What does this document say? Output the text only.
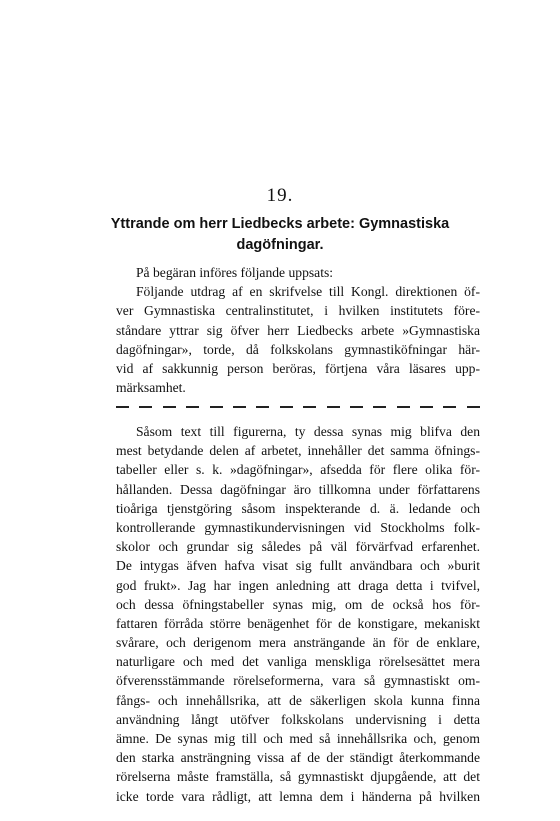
19.
Yttrande om herr Liedbecks arbete: Gymnastiska
dagöfningar.
På begäran införes följande uppsats:
Följande utdrag af en skrifvelse till Kongl. direktionen öf-
ver Gymnastiska centralinstitutet, i hvilken institutets före-
ståndare yttrar sig öfver herr Liedbecks arbete »Gymnastiska
dagöfningar», torde, då folkskolans gymnastiköfningar här-
vid af sakkunnig person beröras, förtjena våra läsares upp-
märksamhet.
Såsom text till figurerna, ty dessa synas mig blifva den
mest betydande delen af arbetet, innehåller det samma öfnings-
tabeller eller s. k. »dagöfningar», afsedda för flere olika för-
hållanden. Dessa dagöfningar äro tillkomna under författarens
tioåriga tjenstgöring såsom inspekterande d. ä. ledande och
kontrollerande gymnastikundervisningen vid Stockholms folk-
skolor och grundar sig således på väl förvärfvad erfarenhet.
De intygas äfven hafva visat sig fullt användbara och »burit
god frukt». Jag har ingen anledning att draga detta i tvifvel,
och dessa öfningstabeller synas mig, om de också hos för-
fattaren förråda större benägenhet för de konstigare, mekaniskt
svårare, och derigenom mera ansträngande än för de enklare,
naturligare och med det vanliga menskliga rörelsesättet mera
öfverensstämmande rörelseformerna, vara så gymnastiskt om-
fångs- och innehållsrika, att de säkerligen skola kunna finna
användning långt utöfver folkskolans undervisning i detta
ämne. De synas mig till och med så innehållsrika och, genom
den starka ansträngning vissa af de der ständigt återkommande
rörelserna måste framställa, så gymnastiskt djupgående, att det
icke torde vara rådligt, att lemna dem i händerna på hvilken
